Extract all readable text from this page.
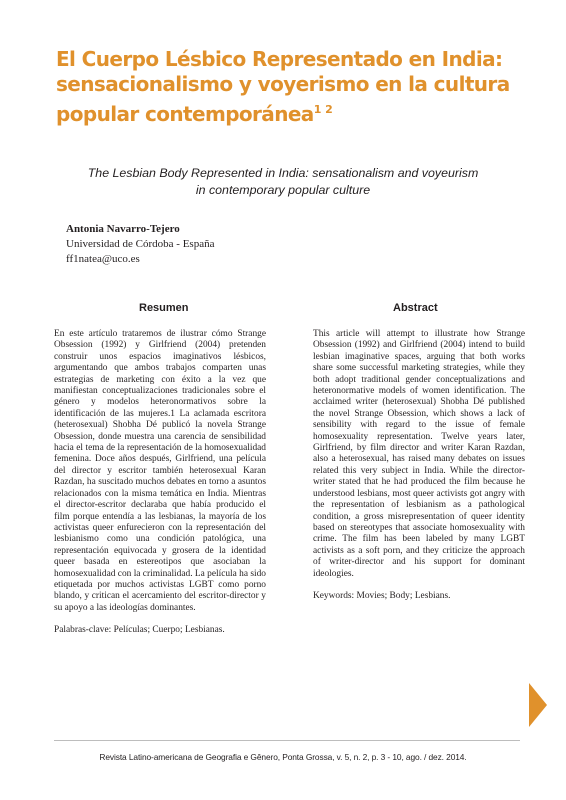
El Cuerpo Lésbico Representado en India: sensacionalismo y voyerismo en la cultura popular contemporánea$^{1 2}$
The Lesbian Body Represented in India: sensationalism and voyeurism
in contemporary popular culture
Antonia Navarro-Tejero
Universidad de Córdoba - España
ff1natea@uco.es
Resumen	Abstract

En este artículo trataremos de ilustrar cómo Strange Obsession (1992) y Girlfriend (2004) pretenden construir unos espacios imaginativos lésbicos, argumentando que ambos trabajos comparten unas estrategias de marketing con éxito a la vez que manifiestan conceptualizaciones tradicionales sobre el género y modelos heteronormativos sobre la identificación de las mujeres.1 La aclamada escritora (heterosexual) Shobha Dé publicó la novela Strange Obsession, donde muestra una carencia de sensibilidad hacia el tema de la representación de la homosexualidad femenina. Doce años después, Girlfriend, una película del director y escritor también heterosexual Karan Razdan, ha suscitado muchos debates en torno a asuntos relacionados con la misma temática en India. Mientras el director-escritor declaraba que había producido el film porque entendía a las lesbianas, la mayoría de los activistas queer enfurecieron con la representación del lesbianismo como una condición patológica, una representación equivocada y grosera de la identidad queer basada en estereotipos que asociaban la homosexualidad con la criminalidad. La película ha sido etiquetada por muchos activistas LGBT como porno blando, y critican el acercamiento del escritor-director y su apoyo a las ideologías dominantes.

Palabras-clave: Películas; Cuerpo; Lesbianas.

This article will attempt to illustrate how Strange Obsession (1992) and Girlfriend (2004) intend to build lesbian imaginative spaces, arguing that both works share some successful marketing strategies, while they both adopt traditional gender conceptualizations and heteronormative models of women identification. The acclaimed writer (heterosexual) Shobha Dé published the novel Strange Obsession, which shows a lack of sensibility with regard to the issue of female homosexuality representation. Twelve years later, Girlfriend, by film director and writer Karan Razdan, also a heterosexual, has raised many debates on issues related this very subject in India. While the director-writer stated that he had produced the film because he understood lesbians, most queer activists got angry with the representation of lesbianism as a pathological condition, a gross misrepresentation of queer identity based on stereotypes that associate homosexuality with crime. The film has been labeled by many LGBT activists as a soft porn, and they criticize the approach of writer-director and his support for dominant ideologies.

Keywords: Movies; Body; Lesbians.

Revista Latino-americana de Geografia e Gênero, Ponta Grossa, v. 5, n. 2, p. 3 - 10, ago. / dez. 2014.
